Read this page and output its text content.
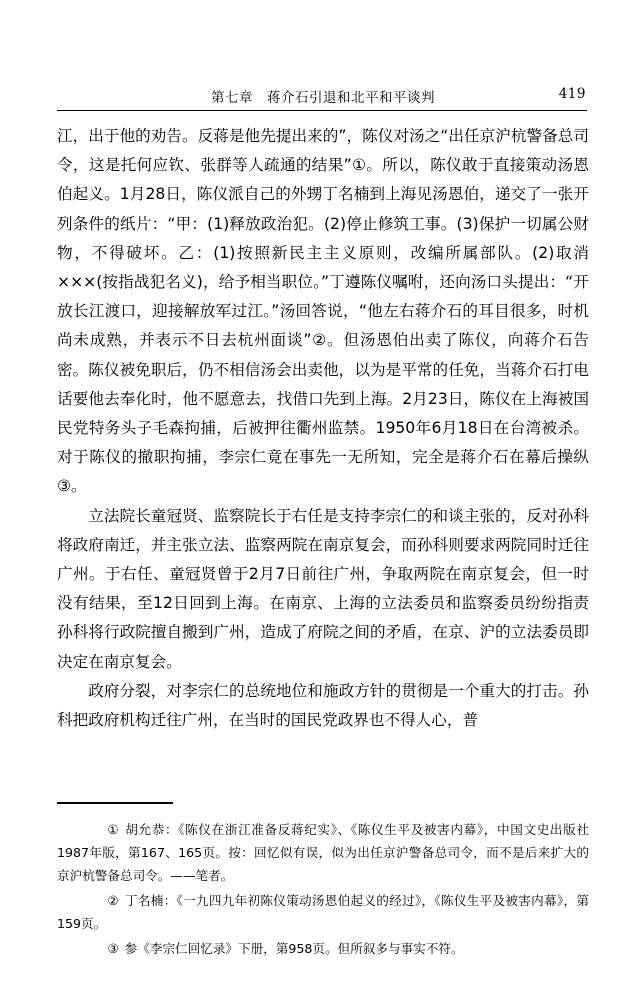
第七章 蒋介石引退和北平和平谈判	419

江，出于他的劝告。反蒋是他先提出来的”，陈仪对汤之“出任京沪杭警备总司令，这是托何应钦、张群等人疏通的结果”①。所以，陈仪敢于直接策动汤恩伯起义。1月28日，陈仪派自己的外甥丁名楠到上海见汤恩伯，递交了一张开列条件的纸片：“甲：(1)释放政治犯。(2)停止修筑工事。(3)保护一切属公财物，不得破坏。乙：(1)按照新民主主义原则，改编所属部队。(2)取消×××(按指战犯名义)，给予相当职位。”丁遵陈仪嘱咐，还向汤口头提出：“开放长江渡口，迎接解放军过江。”汤回答说，“他左右蒋介石的耳目很多，时机尚未成熟，并表示不日去杭州面谈”②。但汤恩伯出卖了陈仪，向蒋介石告密。陈仪被免职后，仍不相信汤会出卖他，以为是平常的任免，当蒋介石打电话要他去奉化时，他不愿意去，找借口先到上海。2月23日，陈仪在上海被国民党特务头子毛森拘捕，后被押往衢州监禁。1950年6月18日在台湾被杀。对于陈仪的撤职拘捕，李宗仁竟在事先一无所知，完全是蒋介石在幕后操纵③。

立法院长童冠贤、监察院长于右任是支持李宗仁的和谈主张的，反对孙科将政府南迁，并主张立法、监察两院在南京复会，而孙科则要求两院同时迁往广州。于右任、童冠贤曾于2月7日前往广州，争取两院在南京复会，但一时没有结果，至12日回到上海。在南京、上海的立法委员和监察委员纷纷指责孙科将行政院擅自搬到广州，造成了府院之间的矛盾，在京、沪的立法委员即决定在南京复会。

政府分裂，对李宗仁的总统地位和施政方针的贯彻是一个重大的打击。孙科把政府机构迁往广州，在当时的国民党政界也不得人心，普

① 胡允恭：《陈仪在浙江准备反蒋纪实》、《陈仪生平及被害内幕》，中国文史出版社1987年版，第167、165页。按：回忆似有误，似为出任京沪警备总司令，而不是后来扩大的京沪杭警备总司令。——笔者。

② 丁名楠：《一九四九年初陈仪策动汤恩伯起义的经过》，《陈仪生平及被害内幕》，第159页。

③ 参《李宗仁回忆录》下册，第958页。但所叙多与事实不符。
